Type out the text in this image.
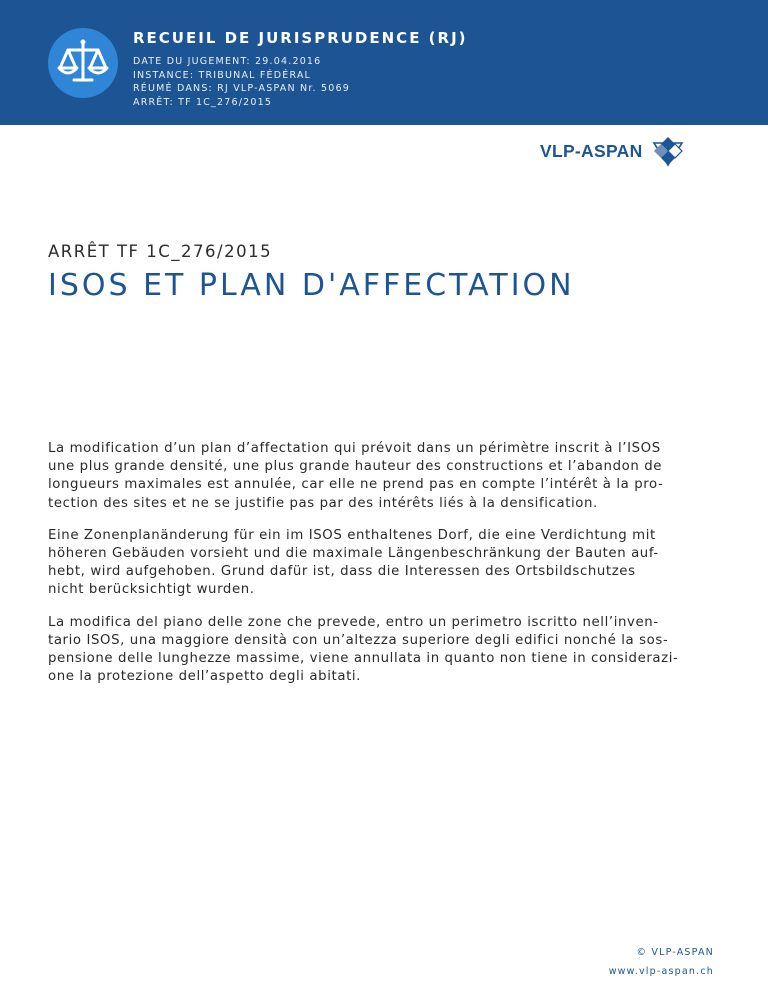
RECUEIL DE JURISPRUDENCE (RJ)
DATE DU JUGEMENT: 29.04.2016
INSTANCE: TRIBUNAL FÉDÉRAL
RÉUMÉ DANS: RJ VLP-ASPAN Nr. 5069
ARRÊT: TF 1C_276/2015
VLP-ASPAN
ARRÊT TF 1C_276/2015
ISOS ET PLAN D'AFFECTATION

La modification d’un plan d’affectation qui prévoit dans un périmètre inscrit à l’ISOS
une plus grande densité, une plus grande hauteur des constructions et l’abandon de
longueurs maximales est annulée, car elle ne prend pas en compte l’intérêt à la pro-
tection des sites et ne se justifie pas par des intérêts liés à la densification.

Eine Zonenplanänderung für ein im ISOS enthaltenes Dorf, die eine Verdichtung mit
höheren Gebäuden vorsieht und die maximale Längenbeschränkung der Bauten auf-
hebt, wird aufgehoben. Grund dafür ist, dass die Interessen des Ortsbildschutzes
nicht berücksichtigt wurden.

La modifica del piano delle zone che prevede, entro un perimetro iscritto nell’inven-
tario ISOS, una maggiore densità con un’altezza superiore degli edifici nonché la sos-
pensione delle lunghezze massime, viene annullata in quanto non tiene in considerazi-
one la protezione dell’aspetto degli abitati.

© VLP-ASPAN
www.vlp-aspan.ch
